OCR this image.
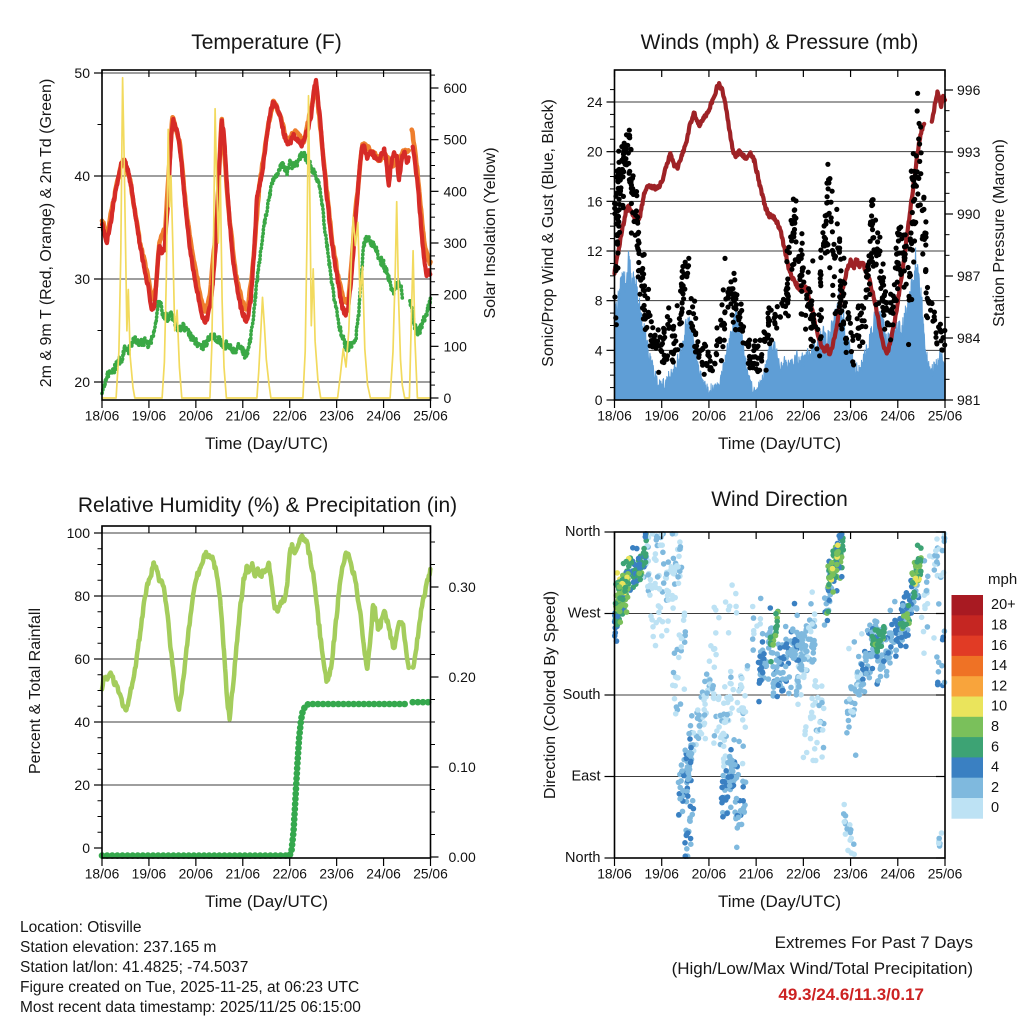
18/06 19/06 20/06 21/06 22/06 23/06 24/06 25/06
20
30
40
50
0
100
200
300
400
500
600
18/06 19/06 20/06 21/06 22/06 23/06 24/06 25/06
0
4
8
12
16
20
24
981
984
987
990
993
996
18/06 19/06 20/06 21/06 22/06 23/06 24/06 25/06
0
20
40
60
80
100
0.00
0.10
0.20
0.30
18/06 19/06 20/06 21/06 22/06 23/06 24/06 25/06
North
West
South
East
North
20+
18
16
14
12
10
8
6
4
2
0
Temperature (F)	Winds (mph) & Pressure (mb)
Relative Humidity (%) & Precipitation (in)	Wind Direction
Time (Day/UTC)	Time (Day/UTC)
Time (Day/UTC)	Time (Day/UTC)
2m & 9m T (Red, Orange) & 2m Td (Green)	Solar Insolation (Yellow)	Sonic/Prop Wind & Gust (Blue, Black)	Station Pressure (Maroon)
Percent & Total Rainfall	Direction (Colored By Speed)
mph
Location: Otisville
Station elevation: 237.165 m
Station lat/lon: 41.4825; -74.5037
Figure created on Tue, 2025-11-25, at 06:23 UTC
Most recent data timestamp: 2025/11/25 06:15:00
Extremes For Past 7 Days
(High/Low/Max Wind/Total Precipitation)
49.3/24.6/11.3/0.17
